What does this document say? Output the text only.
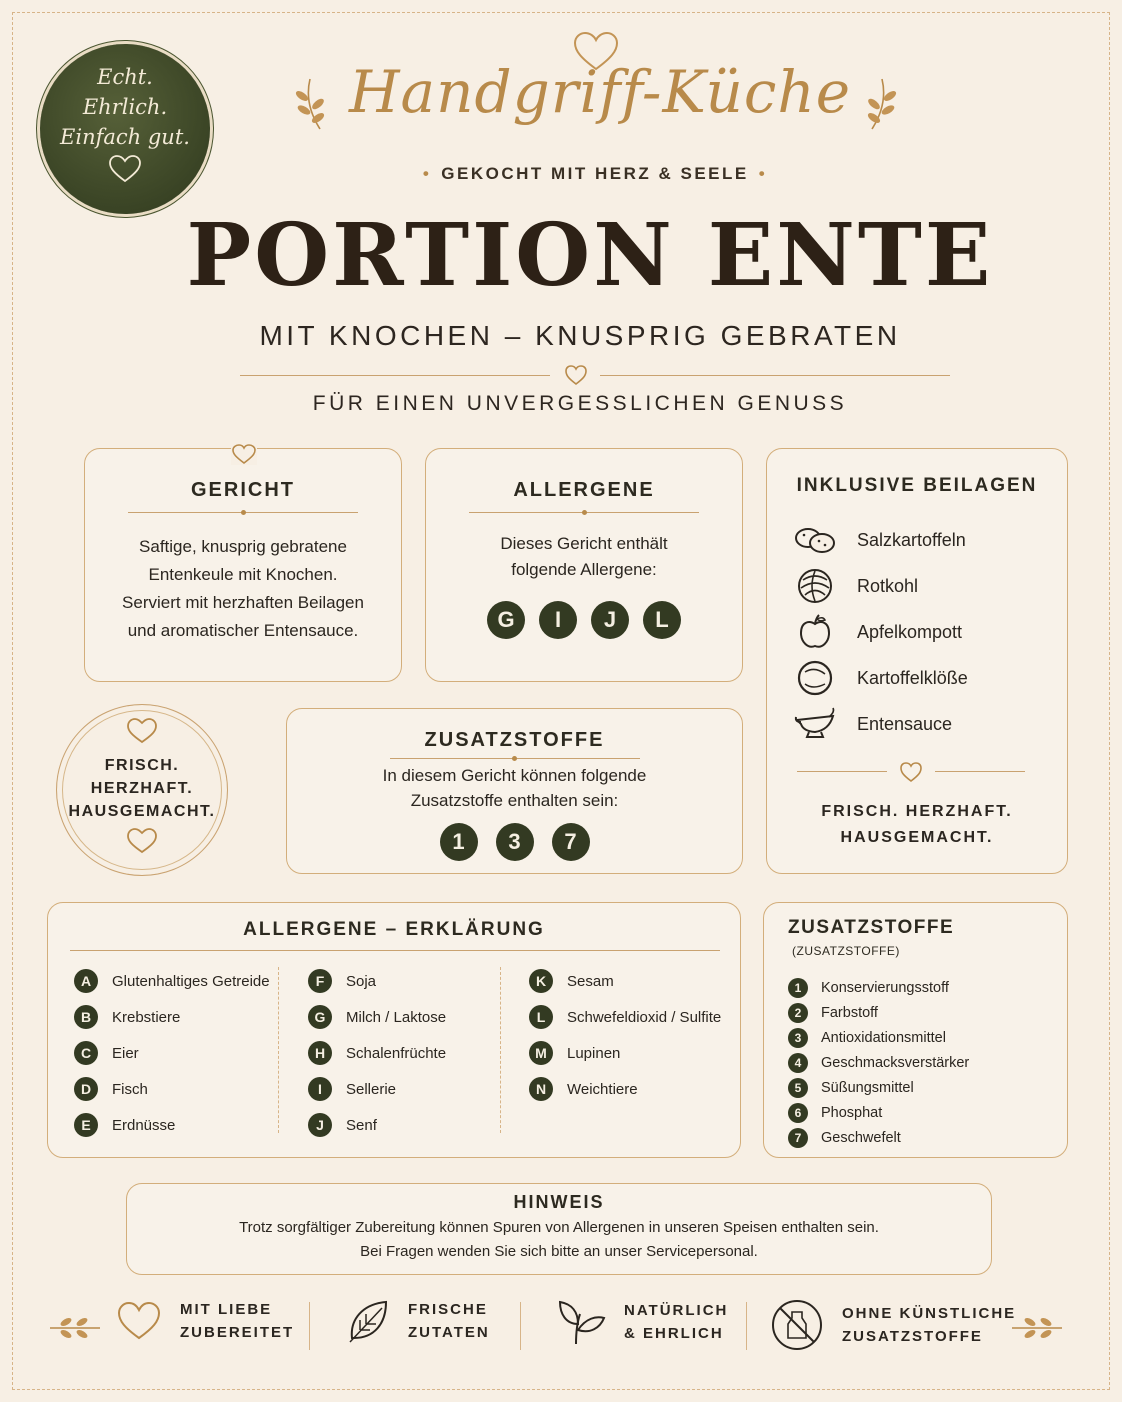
Echt.
Ehrlich.
Einfach gut.
Handgriff-Küche
• GEKOCHT MIT HERZ & SEELE •
PORTION ENTE
MIT KNOCHEN – KNUSPRIG GEBRATEN
FÜR EINEN UNVERGESSLICHEN GENUSS
GERICHT
Saftige, knusprig gebratene
Entenkeule mit Knochen.
Serviert mit herzhaften Beilagen
und aromatischer Entensauce.
ALLERGENE
Dieses Gericht enthält
folgende Allergene:
G I J L
INKLUSIVE BEILAGEN
Salzkartoffeln
Rotkohl
Apfelkompott
Kartoffelklöße
Entensauce
FRISCH. HERZHAFT.
HAUSGEMACHT.
FRISCH.
HERZHAFT.
HAUSGEMACHT.
ZUSATZSTOFFE
In diesem Gericht können folgende
Zusatzstoffe enthalten sein:
1 3 7
ALLERGENE – ERKLÄRUNG
A	Glutenhaltiges Getreide
B	Krebstiere
C	Eier
D	Fisch
E	Erdnüsse
F	Soja
G	Milch / Laktose
H	Schalenfrüchte
I	Sellerie
J	Senf
K	Sesam
L	Schwefeldioxid / Sulfite
M	Lupinen
N	Weichtiere
ZUSATZSTOFFE (ZUSATZSTOFFE)
1	Konservierungsstoff
2	Farbstoff
3	Antioxidationsmittel
4	Geschmacksverstärker
5	Süßungsmittel
6	Phosphat
7	Geschwefelt
HINWEIS
Trotz sorgfältiger Zubereitung können Spuren von Allergenen in unseren Speisen enthalten sein.
Bei Fragen wenden Sie sich bitte an unser Servicepersonal.
MIT LIEBE
ZUBEREITET
FRISCHE
ZUTATEN
NATÜRLICH
& EHRLICH
OHNE KÜNSTLICHE
ZUSATZSTOFFE
